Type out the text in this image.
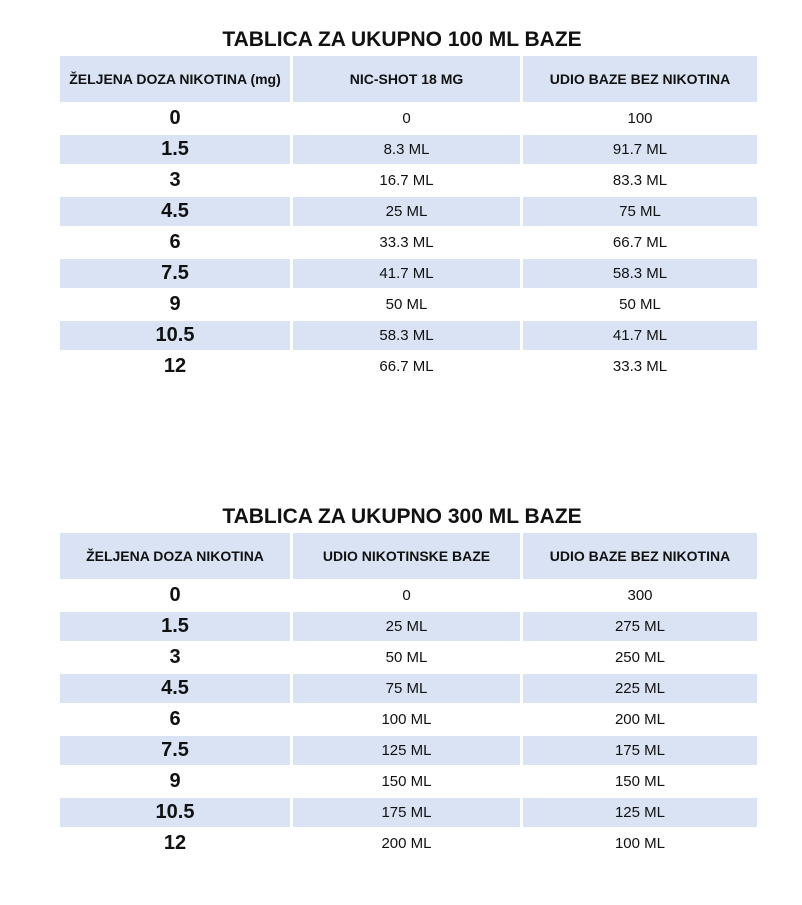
TABLICA ZA UKUPNO 100 ML BAZE
ŽELJENA DOZA NIKOTINA (mg)	NIC-SHOT 18 MG	UDIO BAZE BEZ NIKOTINA
0	0	100
1.5	8.3 ML	91.7 ML
3	16.7 ML	83.3 ML
4.5	25 ML	75 ML
6	33.3 ML	66.7 ML
7.5	41.7 ML	58.3 ML
9	50 ML	50 ML
10.5	58.3 ML	41.7 ML
12	66.7 ML	33.3 ML
TABLICA ZA UKUPNO 300 ML BAZE
ŽELJENA DOZA NIKOTINA	UDIO NIKOTINSKE BAZE	UDIO BAZE BEZ NIKOTINA
0	0	300
1.5	25 ML	275 ML
3	50 ML	250 ML
4.5	75 ML	225 ML
6	100 ML	200 ML
7.5	125 ML	175 ML
9	150 ML	150 ML
10.5	175 ML	125 ML
12	200 ML	100 ML
